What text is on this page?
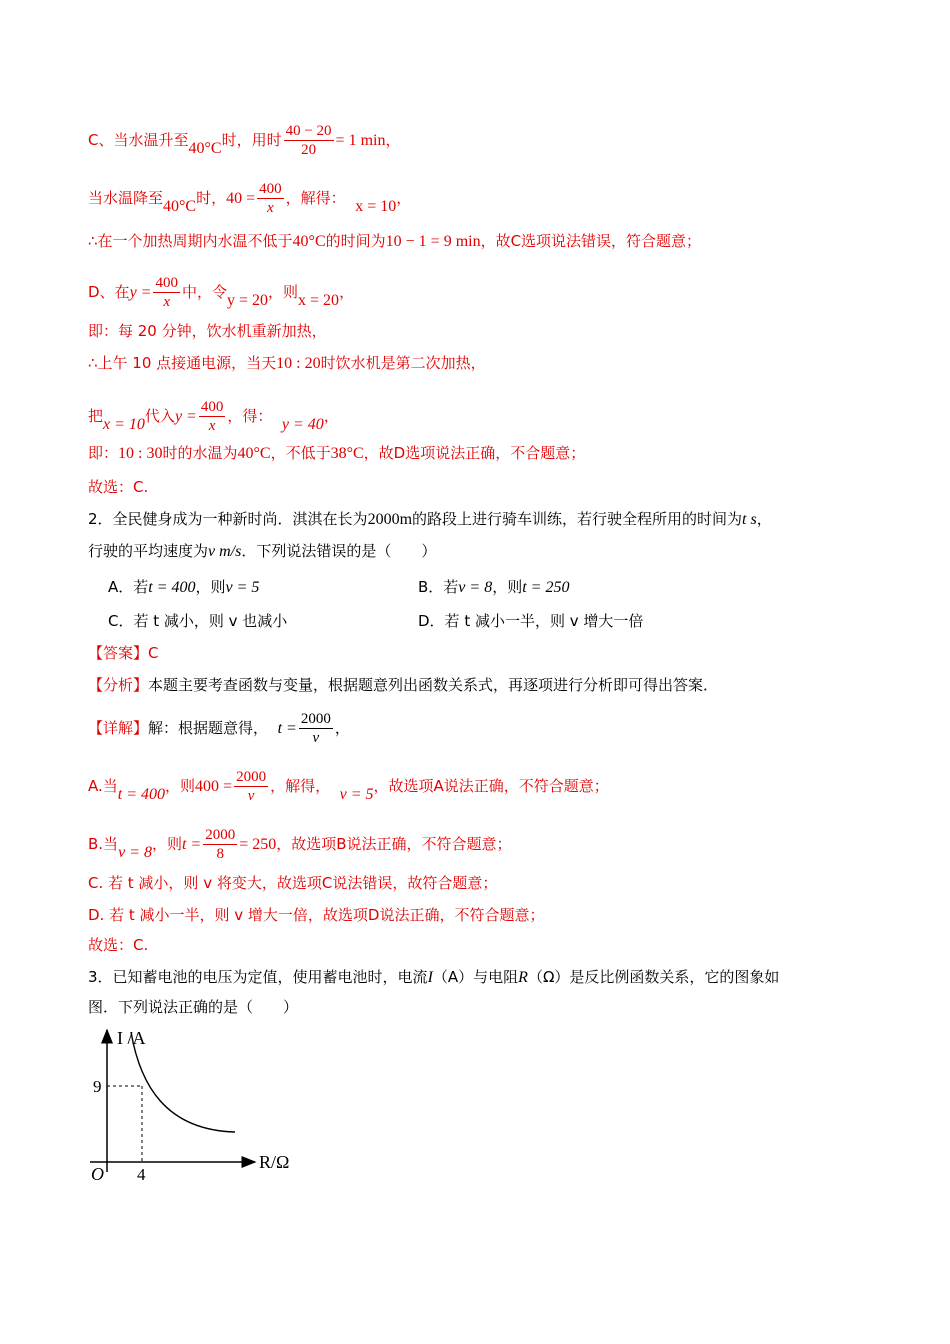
C、当水温升至40°C时，用时 $\frac{40 - 20}{20} = 1$ min，
当水温降至40°C时，$40 = \frac{400}{x}$ ，解得： x = 10，
∴在一个加热周期内水温不低于40°C的时间为10 − 1 = 9 min，故C选项说法错误，符合题意；
D、在$y = \frac{400}{x}$ 中，令y = 20，则x = 20，
即：每 20 分钟，饮水机重新加热，
∴上午 10 点接通电源，当天10 : 20时饮水机是第二次加热，
把x = 10代入$y = \frac{400}{x}$ ，得： y = 40，
即：10 : 30时的水温为40°C，不低于38°C，故D选项说法正确，不合题意；
故选：C.
2．全民健身成为一种新时尚．淇淇在长为2000m的路段上进行骑车训练，若行驶全程所用的时间为t s，
行驶的平均速度为v m/s．下列说法错误的是（　　）
A．若t = 400，则v = 5	B．若v = 8，则t = 250
C．若 t 减小，则 v 也减小	D．若 t 减小一半，则 v 增大一倍
【答案】C
【分析】本题主要考查函数与变量，根据题意列出函数关系式，再逐项进行分析即可得出答案．
【详解】解：根据题意得， $t = \frac{2000}{v}$ ，
A.当t = 400，则$400 = \frac{2000}{v}$ ，解得， v = 5，故选项A说法正确，不符合题意；
B.当v = 8，则$t = \frac{2000}{8} = 250$，故选项B说法正确，不符合题意；
C. 若 t 减小，则 v 将变大，故选项C说法错误，故符合题意；
D. 若 t 减小一半，则 v 增大一倍，故选项D说法正确，不符合题意；
故选：C.
3．已知蓄电池的电压为定值，使用蓄电池时，电流I（A）与电阻R（Ω）是反比例函数关系，它的图象如
图．下列说法正确的是（　　）
I /A
R/Ω
O
9
4
